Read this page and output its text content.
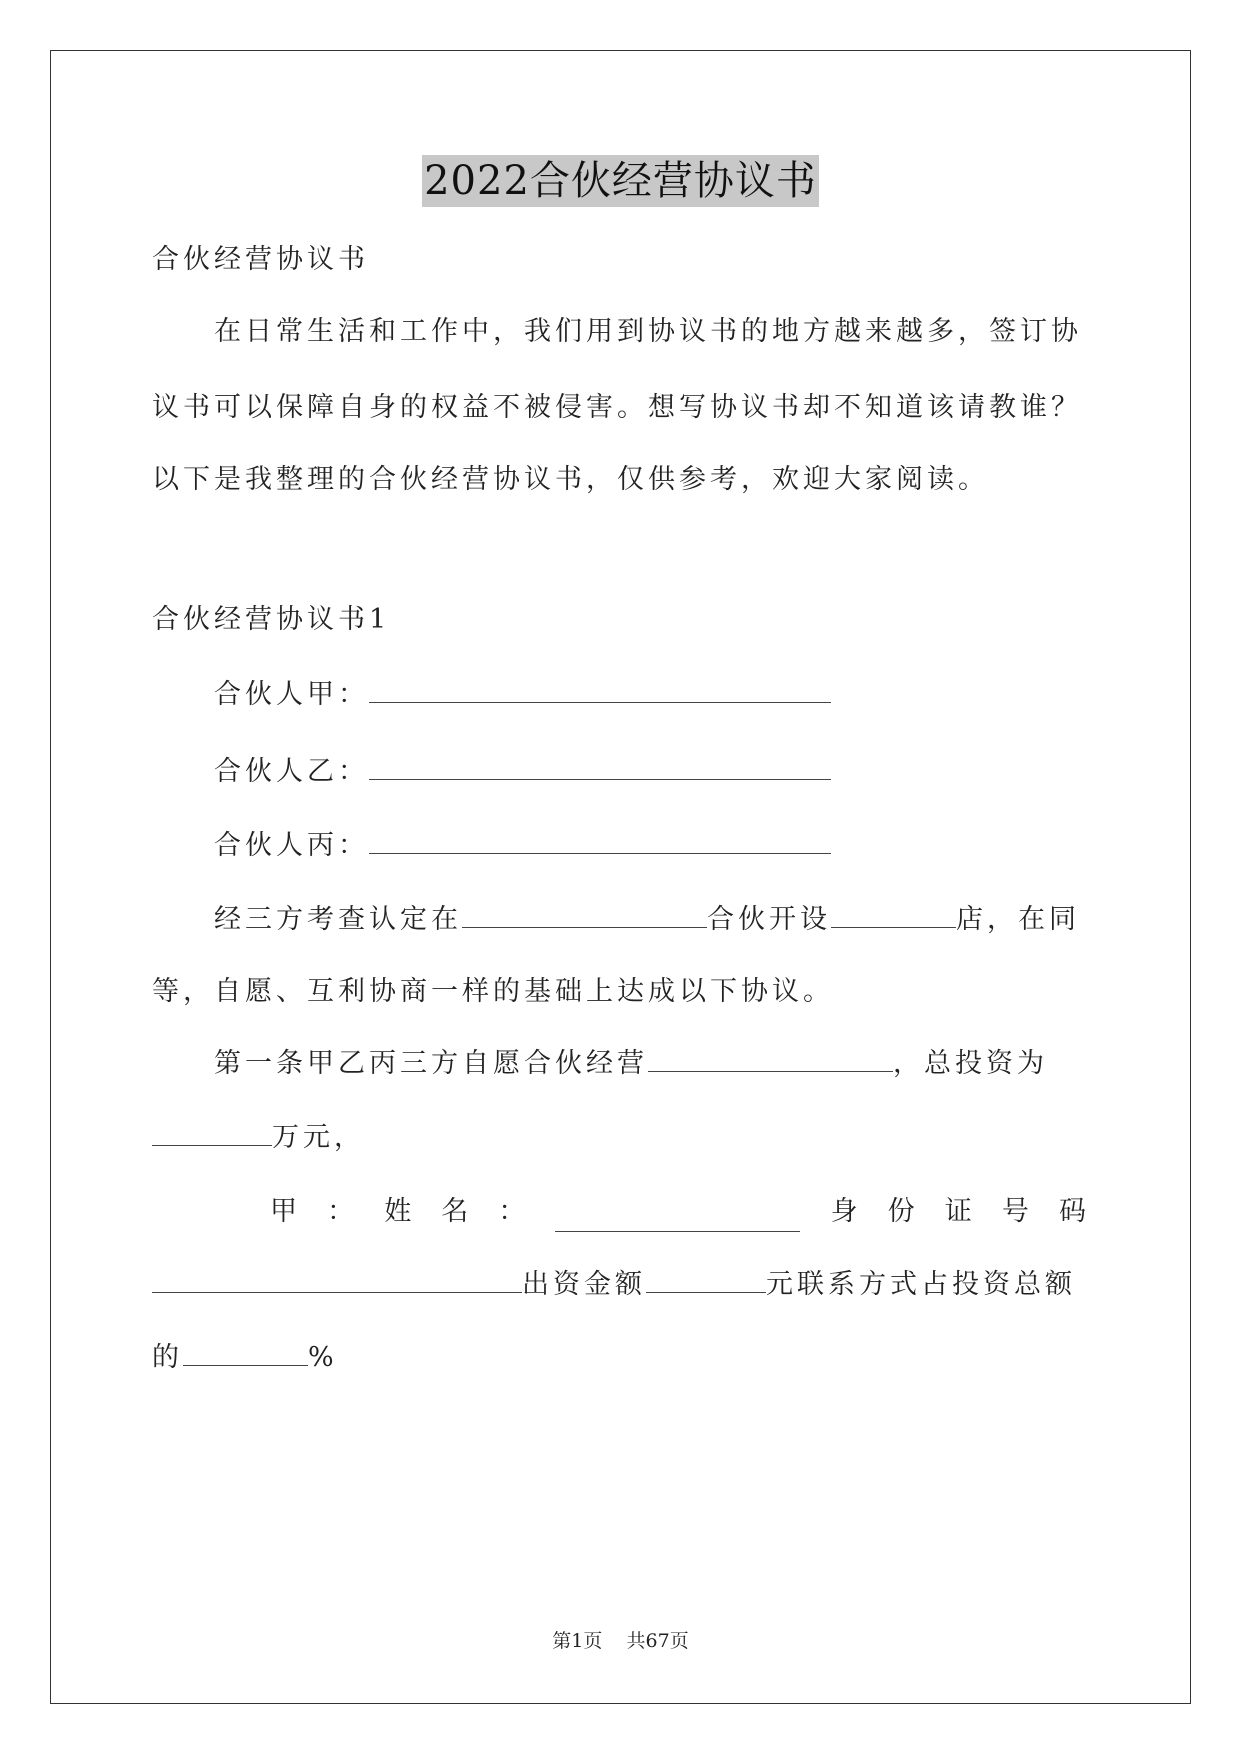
2022合伙经营协议书
合伙经营协议书
在日常生活和工作中，我们用到协议书的地方越来越多，签订协
议书可以保障自身的权益不被侵害。想写协议书却不知道该请教谁？
以下是我整理的合伙经营协议书，仅供参考，欢迎大家阅读。
合伙经营协议书1
合伙人甲：
合伙人乙：
合伙人丙：
经三方考查认定在	合伙开设	店，在同
等，自愿、互利协商一样的基础上达成以下协议。
第一条甲乙丙三方自愿合伙经营	，总投资为
万元，
甲 ： 姓 名 ：	身 份 证 号 码
出资金额	元联系方式占投资总额
的	%
第1页 共67页
